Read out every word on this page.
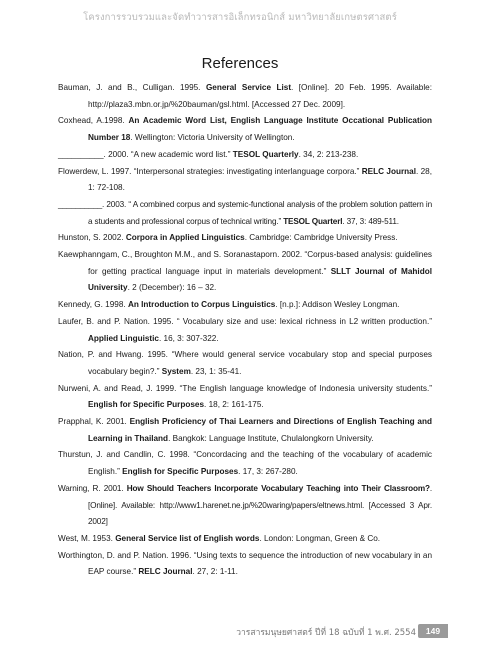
โครงการรวบรวมและจัดทำวารสารอิเล็กทรอนิกส์ มหาวิทยาลัยเกษตรศาสตร์
References
Bauman, J. and B., Culligan. 1995. General Service List. [Online]. 20 Feb. 1995. Available: http://plaza3.mbn.or.jp/%20bauman/gsl.html. [Accessed 27 Dec. 2009].
Coxhead, A.1998. An Academic Word List, English Language Institute Occational Publication Number 18. Wellington: Victoria University of Wellington.
__________. 2000. “A new academic word list.” TESOL Quarterly. 34, 2: 213-238.
Flowerdew, L. 1997. “Interpersonal strategies: investigating interlanguage corpora.” RELC Journal. 28, 1: 72-108.
__________. 2003. “ A combined corpus and systemic-functional analysis of the problem solution pattern in a students and professional corpus of technical writing.” TESOL Quarterl. 37, 3: 489-511.
Hunston, S. 2002. Corpora in Applied Linguistics. Cambridge: Cambridge University Press.
Kaewphanngam, C., Broughton M.M., and S. Soranastaporn. 2002. “Corpus-based analysis: guidelines for getting practical language input in materials development.” SLLT Journal of Mahidol University. 2 (December): 16 – 32.
Kennedy, G. 1998. An Introduction to Corpus Linguistics. [n.p.]: Addison Wesley Longman.
Laufer, B. and P. Nation. 1995. “ Vocabulary size and use: lexical richness in L2 written production.” Applied Linguistic. 16, 3: 307-322.
Nation, P. and Hwang. 1995. “Where would general service vocabulary stop and special purposes vocabulary begin?.” System. 23, 1: 35-41.
Nurweni, A. and Read, J. 1999. “The English language knowledge of Indonesia university students.” English for Specific Purposes. 18, 2: 161-175.
Prapphal, K. 2001. English Proficiency of Thai Learners and Directions of English Teaching and Learning in Thailand. Bangkok: Language Institute, Chulalongkorn University.
Thurstun, J. and Candlin, C. 1998. “Concordacing and the teaching of the vocabulary of academic English.” English for Specific Purposes. 17, 3: 267-280.
Warning, R. 2001. How Should Teachers Incorporate Vocabulary Teaching into Their Classroom?. [Online]. Available: http://www1.harenet.ne.jp/%20waring/papers/eltnews.html. [Accessed 3 Apr. 2002]
West, M. 1953. General Service list of English words. London: Longman, Green & Co.
Worthington, D. and P. Nation. 1996. “Using texts to sequence the introduction of new vocabulary in an EAP course.” RELC Journal. 27, 2: 1-11.
วารสารมนุษยศาสตร์ ปีที่ 18 ฉบับที่ 1 พ.ศ. 2554	149
